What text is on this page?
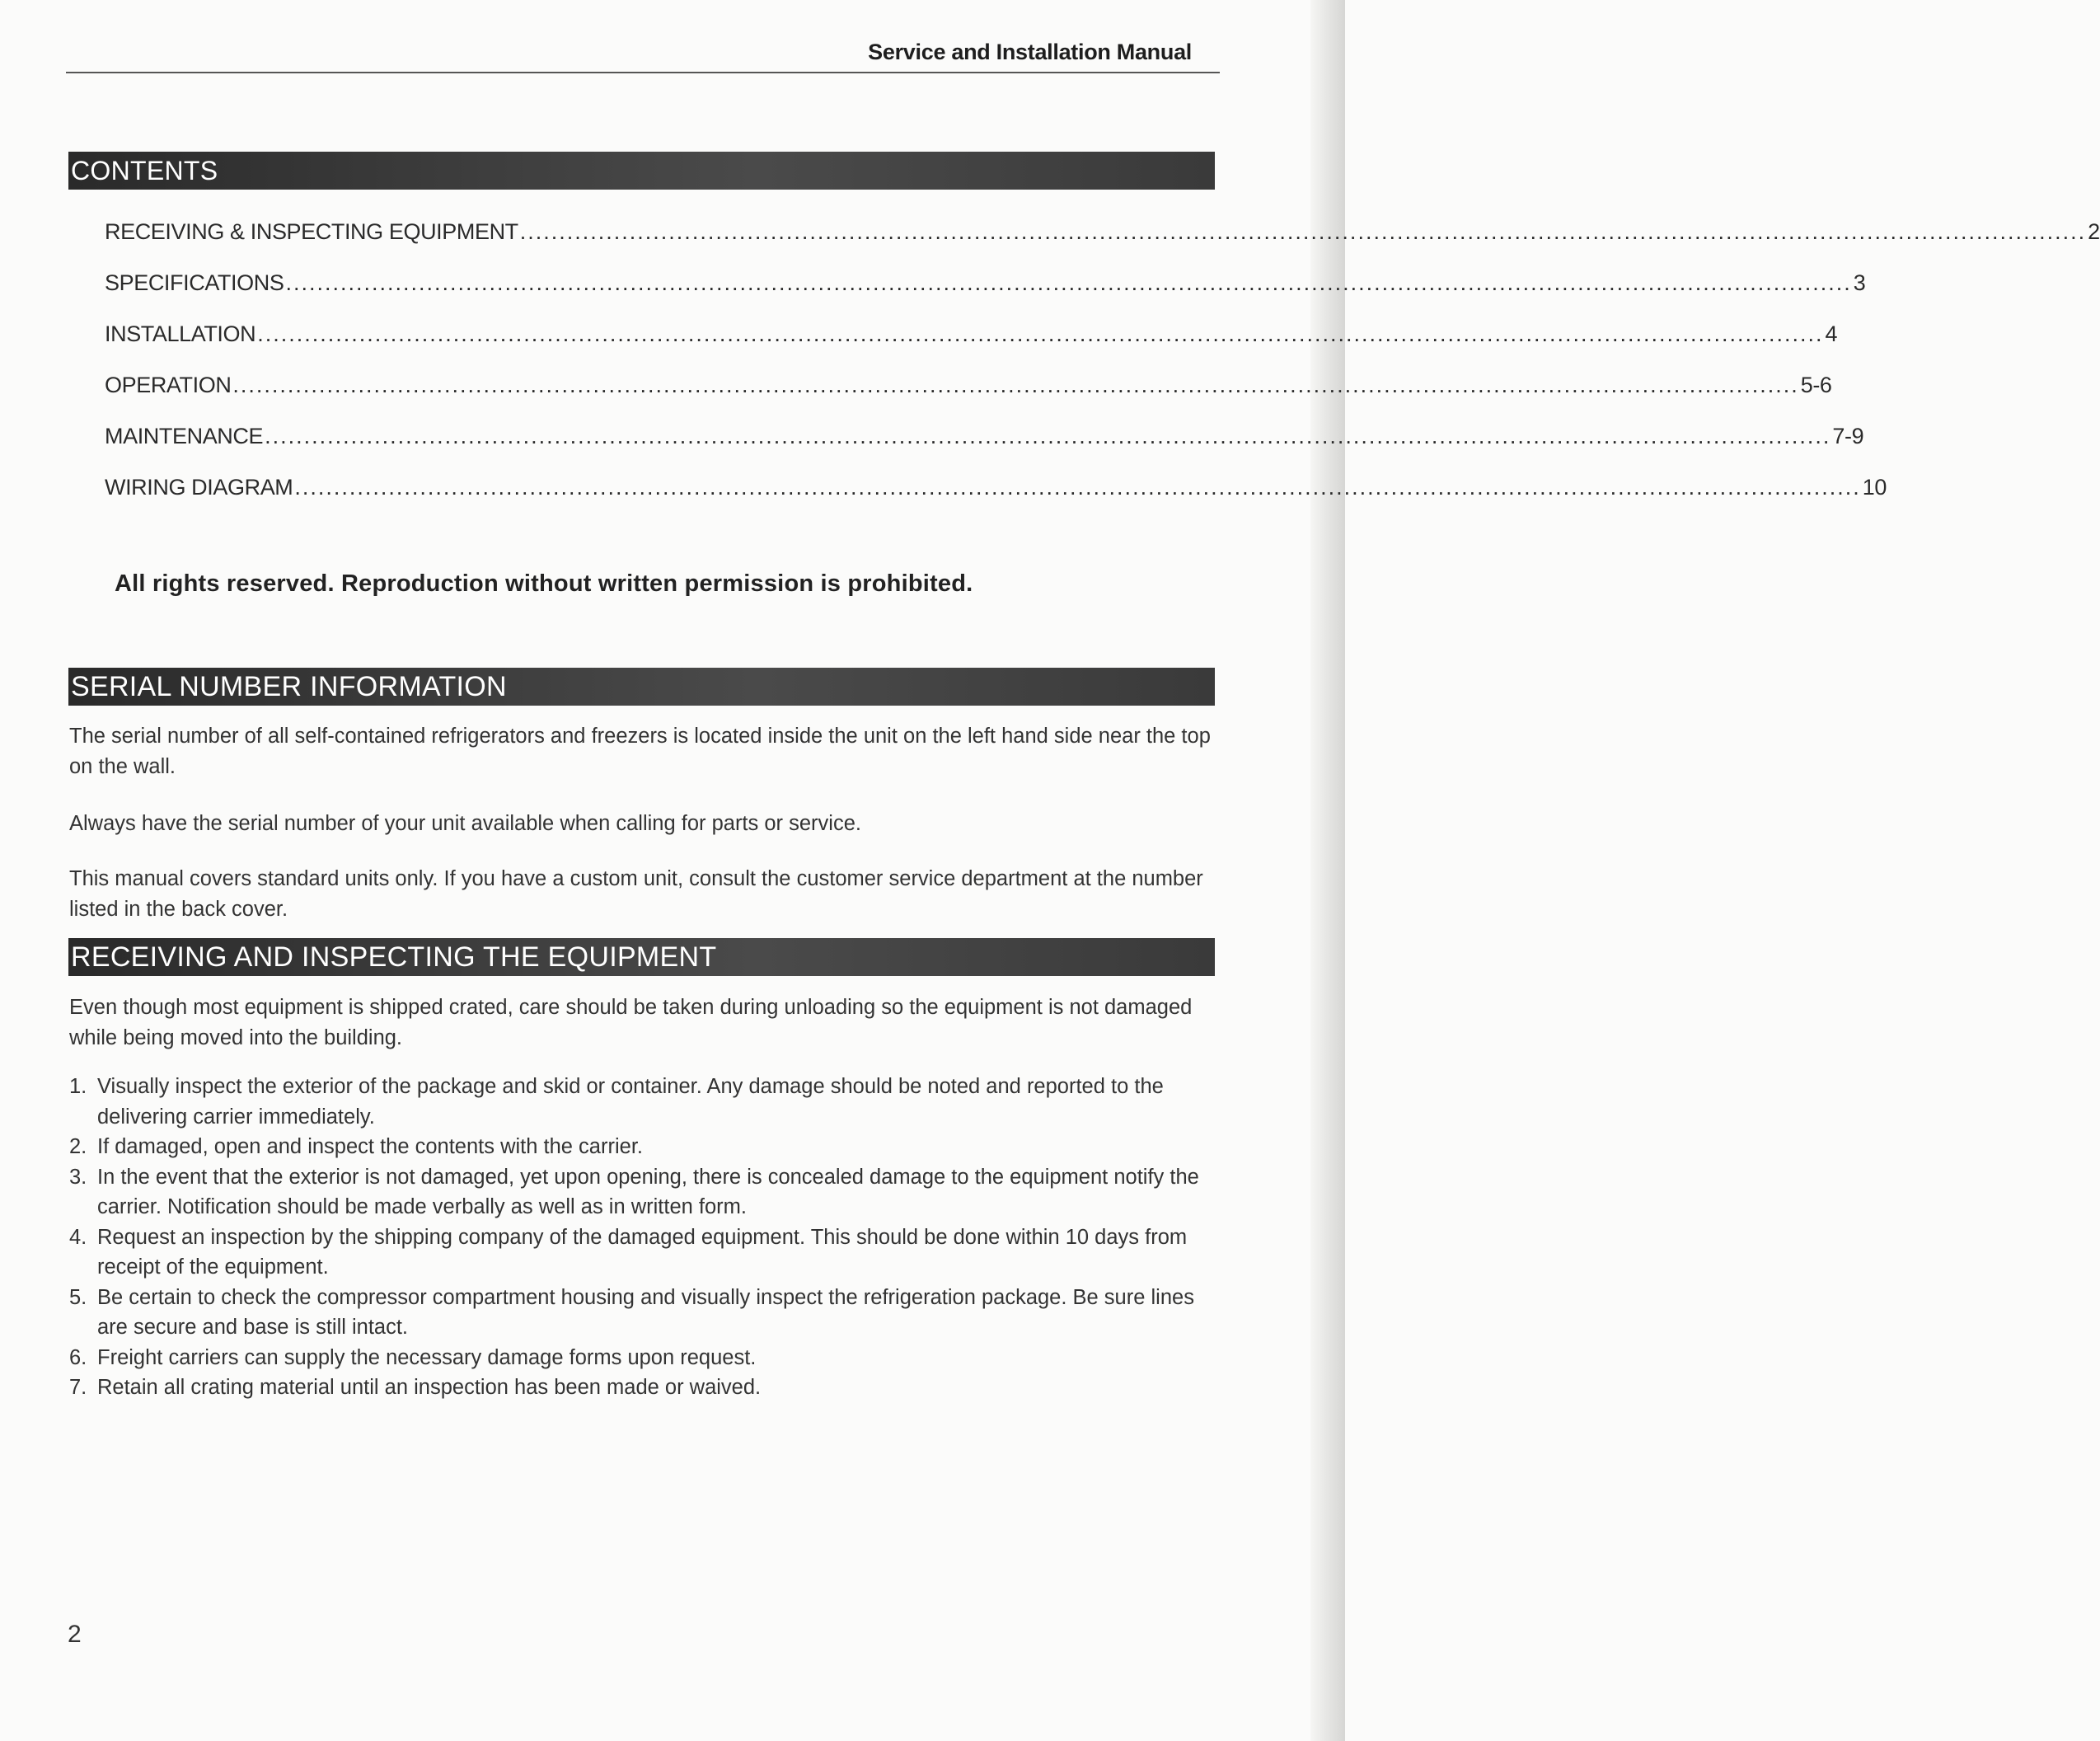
Service and Installation Manual
CONTENTS
RECEIVING & INSPECTING EQUIPMENT ........................................................................................................................................................................................................ 2
SPECIFICATIONS ........................................................................................................................................................................................................ 3
INSTALLATION ........................................................................................................................................................................................................ 4
OPERATION ........................................................................................................................................................................................................ 5-6
MAINTENANCE ........................................................................................................................................................................................................ 7-9
WIRING DIAGRAM ........................................................................................................................................................................................................ 10
All rights reserved. Reproduction without written permission is prohibited.
SERIAL NUMBER INFORMATION
The serial number of all self-contained refrigerators and freezers is located inside the unit on the left hand side near the top on the wall.
Always have the serial number of your unit available when calling for parts or service.
This manual covers standard units only. If you have a custom unit, consult the customer service department at the number listed in the back cover.
RECEIVING AND INSPECTING THE EQUIPMENT
Even though most equipment is shipped crated, care should be taken during unloading so the equipment is not damaged while being moved into the building.
1. Visually inspect the exterior of the package and skid or container. Any damage should be noted and reported to the delivering carrier immediately.
2. If damaged, open and inspect the contents with the carrier.
3. In the event that the exterior is not damaged, yet upon opening, there is concealed damage to the equipment notify the carrier. Notification should be made verbally as well as in written form.
4. Request an inspection by the shipping company of the damaged equipment. This should be done within 10 days from receipt of the equipment.
5. Be certain to check the compressor compartment housing and visually inspect the refrigeration package. Be sure lines are secure and base is still intact.
6. Freight carriers can supply the necessary damage forms upon request.
7. Retain all crating material until an inspection has been made or waived.
2
